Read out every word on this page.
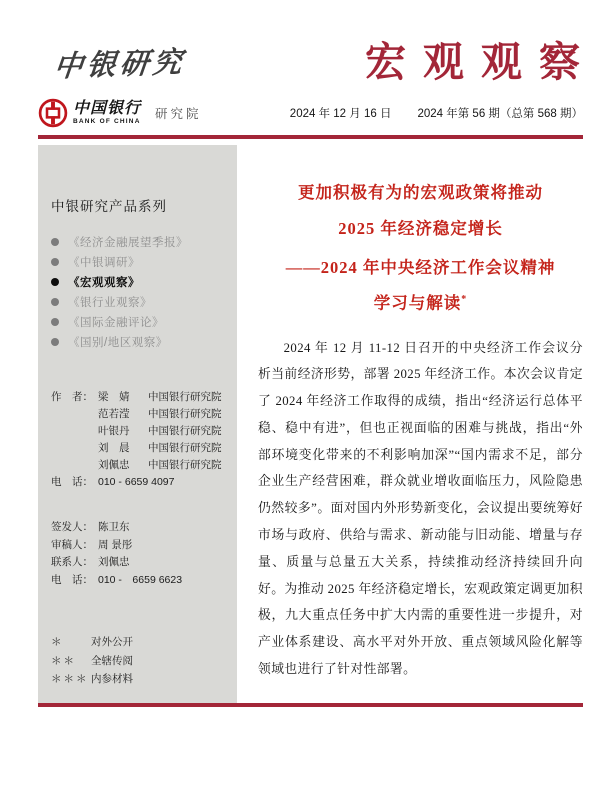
中银研究	宏观观察
中国银行
BANK OF CHINA
研究院	2024 年 12 月 16 日 2024 年第 56 期（总第 568 期）
中银研究产品系列
《经济金融展望季报》
《中银调研》
《宏观观察》
《银行业观察》
《国际金融评论》
《国别/地区观察》
作　者： 梁　婧	中国银行研究院
范若滢	中国银行研究院
叶银丹	中国银行研究院
刘　晨	中国银行研究院
刘佩忠	中国银行研究院
电　话： 010 - 6659 4097
签发人： 陈卫东
审稿人： 周 景彤
联系人： 刘佩忠
电　话： 010 -　6659 6623
＊	对外公开
＊＊	全辖传阅
＊＊＊ 内参材料
更加积极有为的宏观政策将推动
2025 年经济稳定增长
——2024 年中央经济工作会议精神
学习与解读*

2024 年 12 月 11-12 日召开的中央经济工作会议分析当前经济形势，部署 2025 年经济工作。本次会议肯定了 2024 年经济工作取得的成绩，指出“经济运行总体平稳、稳中有进”，但也正视面临的困难与挑战，指出“外部环境变化带来的不利影响加深”“国内需求不足，部分企业生产经营困难，群众就业增收面临压力，风险隐患仍然较多”。面对国内外形势新变化，会议提出要统筹好市场与政府、供给与需求、新动能与旧动能、增量与存量、质量与总量五大关系，持续推动经济持续回升向好。为推动 2025 年经济稳定增长，宏观政策定调更加积极，九大重点任务中扩大内需的重要性进一步提升，对产业体系建设、高水平对外开放、重点领域风险化解等领域也进行了针对性部署。
